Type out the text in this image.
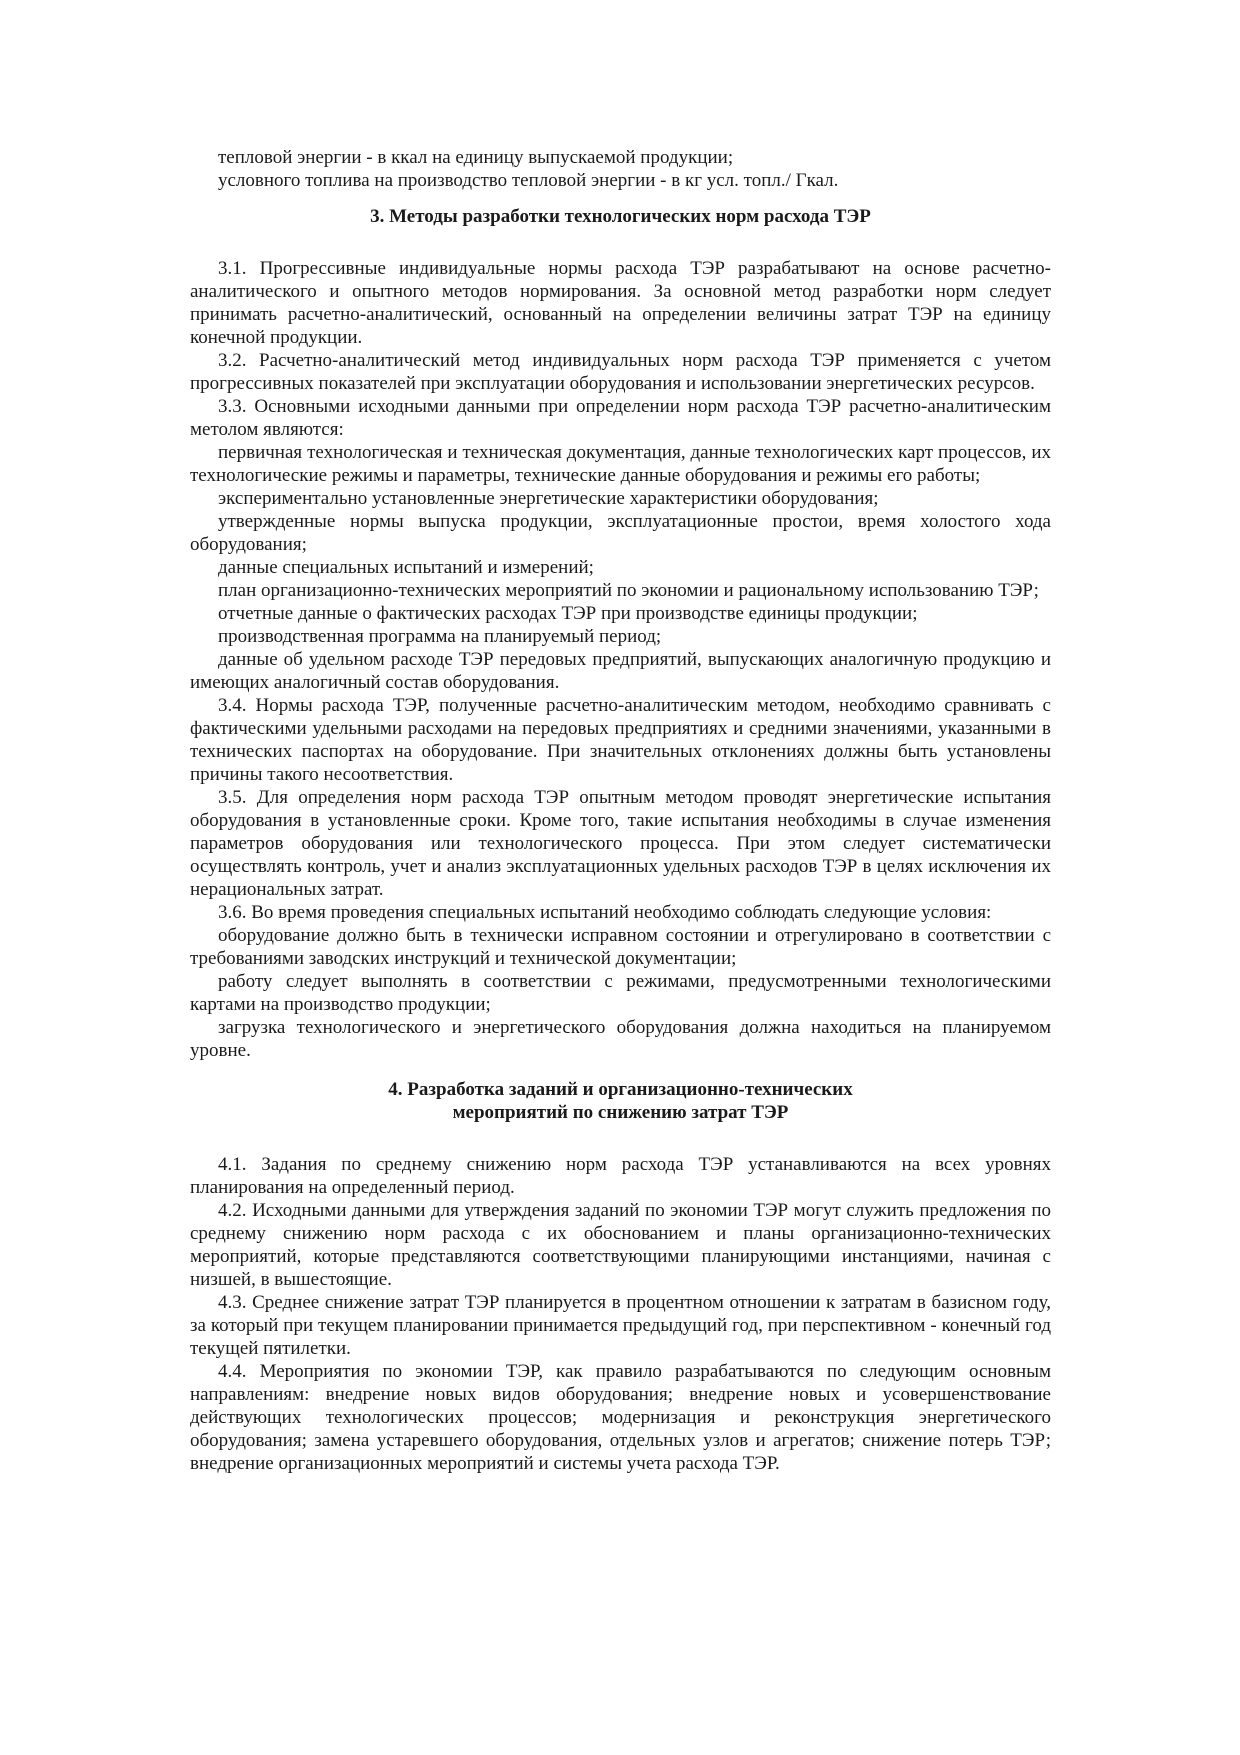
тепловой энергии - в ккал на единицу выпускаемой продукции;

условного топлива на производство тепловой энергии - в кг усл. топл./ Гкал.

3. Методы разработки технологических норм расхода ТЭР

3.1. Прогрессивные индивидуальные нормы расхода ТЭР разрабатывают на основе расчетно-аналитического и опытного методов нормирования. За основной метод разработки норм следует принимать расчетно-аналитический, основанный на определении величины затрат ТЭР на единицу конечной продукции.

3.2. Расчетно-аналитический метод индивидуальных норм расхода ТЭР применяется с учетом прогрессивных показателей при эксплуатации оборудования и использовании энергетических ресурсов.

3.3. Основными исходными данными при определении норм расхода ТЭР расчетно-аналитическим метолом являются:

первичная технологическая и техническая документация, данные технологических карт процессов, их технологические режимы и параметры, технические данные оборудования и режимы его работы;

экспериментально установленные энергетические характеристики оборудования;

утвержденные нормы выпуска продукции, эксплуатационные простои, время холостого хода оборудования;

данные специальных испытаний и измерений;

план организационно-технических мероприятий по экономии и рациональному использованию ТЭР;

отчетные данные о фактических расходах ТЭР при производстве единицы продукции;

производственная программа на планируемый период;

данные об удельном расходе ТЭР передовых предприятий, выпускающих аналогичную продукцию и имеющих аналогичный состав оборудования.

3.4. Нормы расхода ТЭР, полученные расчетно-аналитическим методом, необходимо сравнивать с фактическими удельными расходами на передовых предприятиях и средними значениями, указанными в технических паспортах на оборудование. При значительных отклонениях должны быть установлены причины такого несоответствия.

3.5. Для определения норм расхода ТЭР опытным методом проводят энергетические испытания оборудования в установленные сроки. Кроме того, такие испытания необходимы в случае изменения параметров оборудования или технологического процесса. При этом следует систематически осуществлять контроль, учет и анализ эксплуатационных удельных расходов ТЭР в целях исключения их нерациональных затрат.

3.6. Во время проведения специальных испытаний необходимо соблюдать следующие условия:

оборудование должно быть в технически исправном состоянии и отрегулировано в соответствии с требованиями заводских инструкций и технической документации;

работу следует выполнять в соответствии с режимами, предусмотренными технологическими картами на производство продукции;

загрузка технологического и энергетического оборудования должна находиться на планируемом уровне.

4. Разработка заданий и организационно-технических
мероприятий по снижению затрат ТЭР

4.1. Задания по среднему снижению норм расхода ТЭР устанавливаются на всех уровнях планирования на определенный период.

4.2. Исходными данными для утверждения заданий по экономии ТЭР могут служить предложения по среднему снижению норм расхода с их обоснованием и планы организационно-технических мероприятий, которые представляются соответствующими планирующими инстанциями, начиная с низшей, в вышестоящие.

4.3. Среднее снижение затрат ТЭР планируется в процентном отношении к затратам в базисном году, за который при текущем планировании принимается предыдущий год, при перспективном - конечный год текущей пятилетки.

4.4. Мероприятия по экономии ТЭР, как правило разрабатываются по следующим основным направлениям: внедрение новых видов оборудования; внедрение новых и усовершенствование действующих технологических процессов; модернизация и реконструкция энергетического оборудования; замена устаревшего оборудования, отдельных узлов и агрегатов; снижение потерь ТЭР; внедрение организационных мероприятий и системы учета расхода ТЭР.
